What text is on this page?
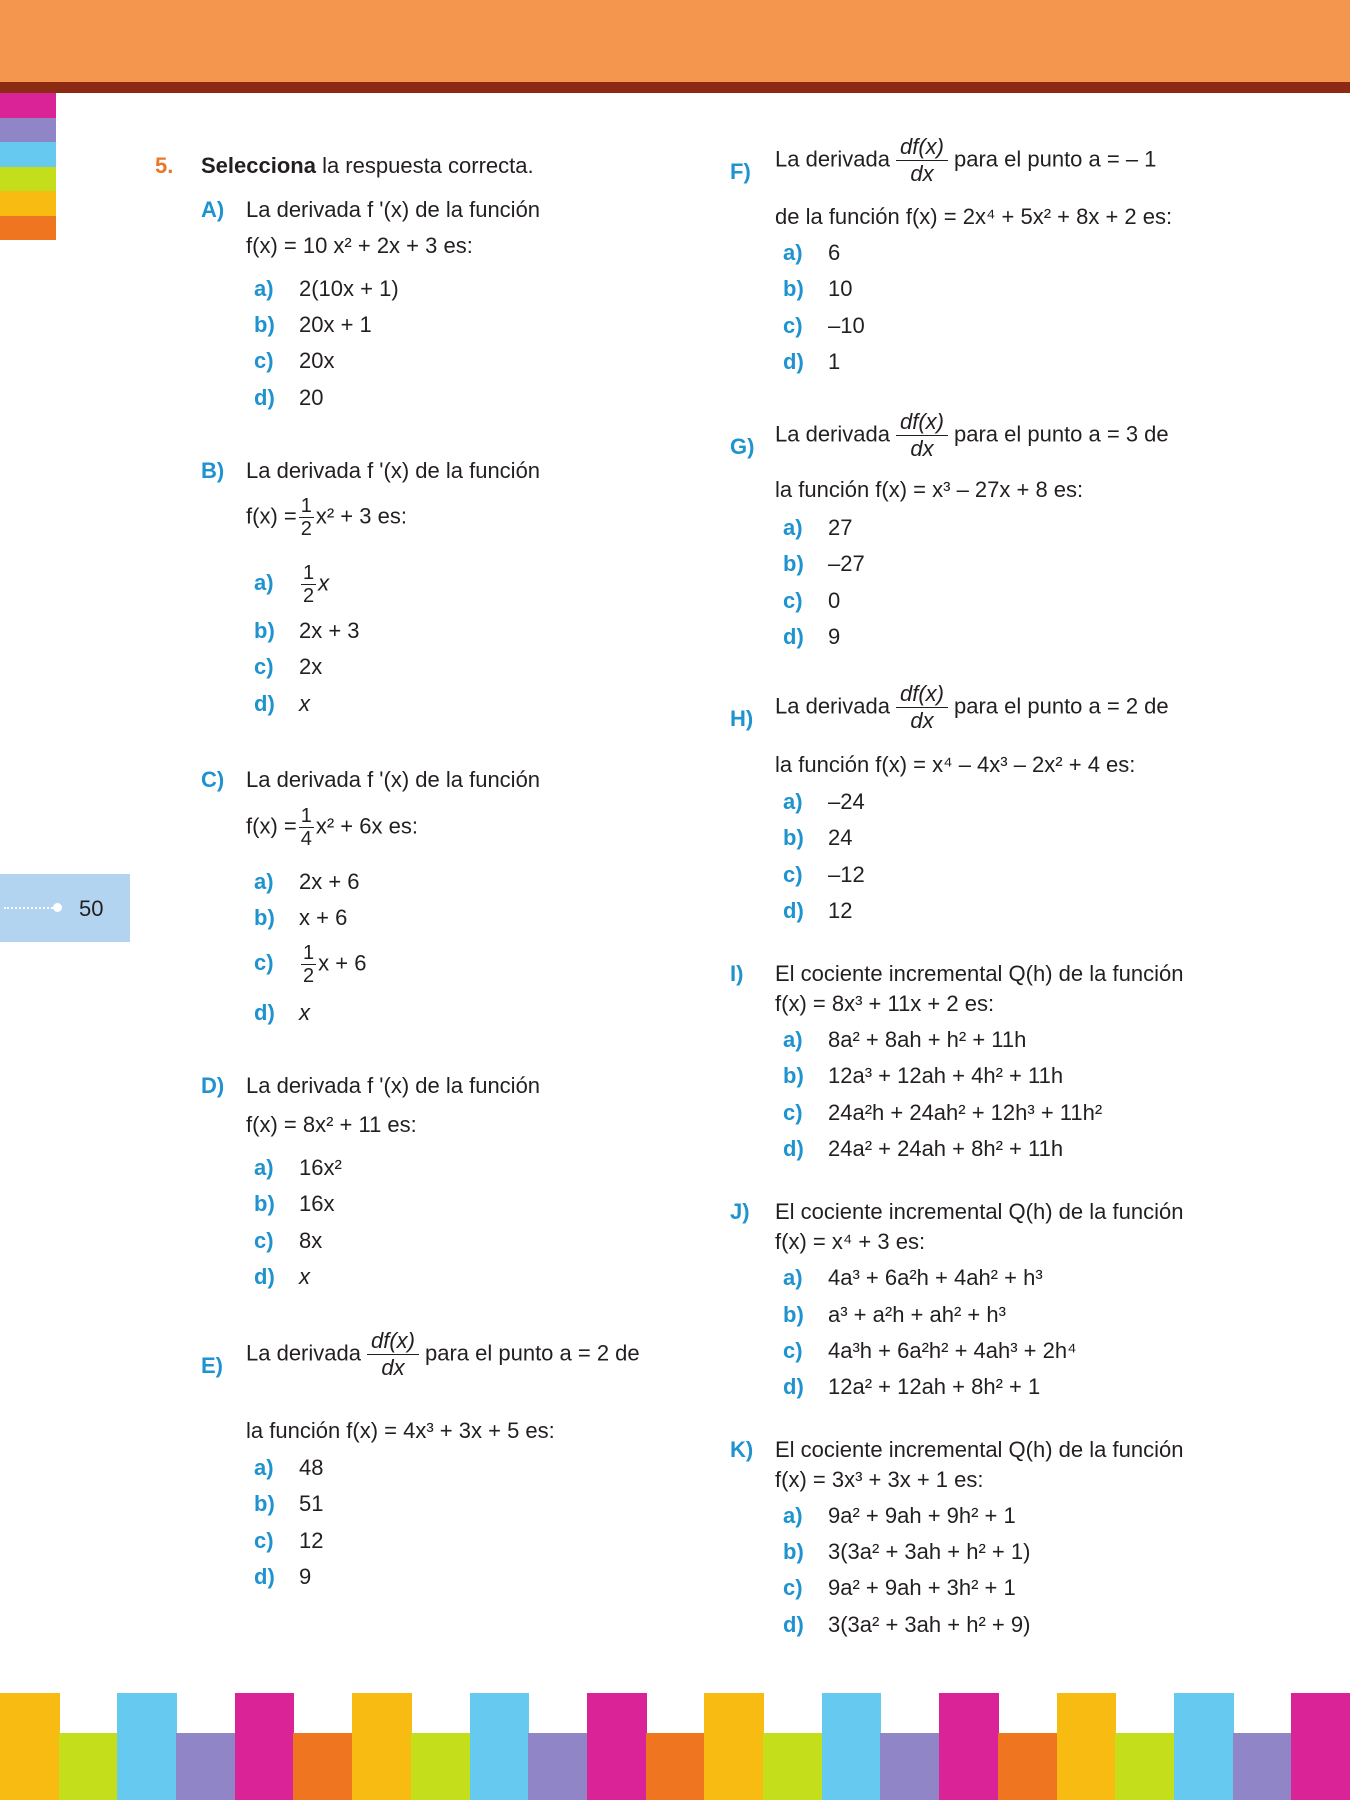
50
5. Selecciona la respuesta correcta.
A) La derivada f '(x) de la función
f(x) = 10 x² + 2x + 3 es:
a) 2(10x + 1)
b) 20x + 1
c) 20x
d) 20
B) La derivada f '(x) de la función
$f(x) = \frac{1}{2} x^2 + 3$ es:
$a) \frac{1}{2}$ x
b) 2x + 3
c) 2x
d) x
C) La derivada f '(x) de la función
$f(x) = \frac{1}{4} x^2 + 6x$ es:
a) 2x + 6
b) x + 6
$c) \frac{1}{2}$ x + 6
d) x
D) La derivada f '(x) de la función
f(x) = 8x² + 11 es:
a) 16x²
b) 16x
c) 8x
d) x
E)
La derivada $\frac{df(x)}{dx}$ para el punto a = 2 de
la función f(x) = 4x³ + 3x + 5 es:
a) 48
b) 51
c) 12
d) 9
F)
La derivada $\frac{df(x)}{dx}$ para el punto a = – 1
de la función f(x) = 2x⁴ + 5x² + 8x + 2 es:
a) 6
b) 10
c) –10
d) 1
G)
La derivada $\frac{df(x)}{dx}$ para el punto a = 3 de
la función f(x) = x³ – 27x + 8 es:
a) 27
b) –27
c) 0
d) 9
H)
La derivada $\frac{df(x)}{dx}$ para el punto a = 2 de
la función f(x) = x⁴ – 4x³ – 2x² + 4 es:
a) –24
b) 24
c) –12
d) 12
I) El cociente incremental Q(h) de la función
f(x) = 8x³ + 11x + 2 es:
a) 8a² + 8ah + h² + 11h
b) 12a³ + 12ah + 4h² + 11h
c) 24a²h + 24ah² + 12h³ + 11h²
d) 24a² + 24ah + 8h² + 11h
J) El cociente incremental Q(h) de la función
f(x) = x⁴ + 3 es:
a) 4a³ + 6a²h + 4ah² + h³
b) a³ + a²h + ah² + h³
c) 4a³h + 6a²h² + 4ah³ + 2h⁴
d) 12a² + 12ah + 8h² + 1
K) El cociente incremental Q(h) de la función
f(x) = 3x³ + 3x + 1 es:
a) 9a² + 9ah + 9h² + 1
b) 3(3a² + 3ah + h² + 1)
c) 9a² + 9ah + 3h² + 1
d) 3(3a² + 3ah + h² + 9)
